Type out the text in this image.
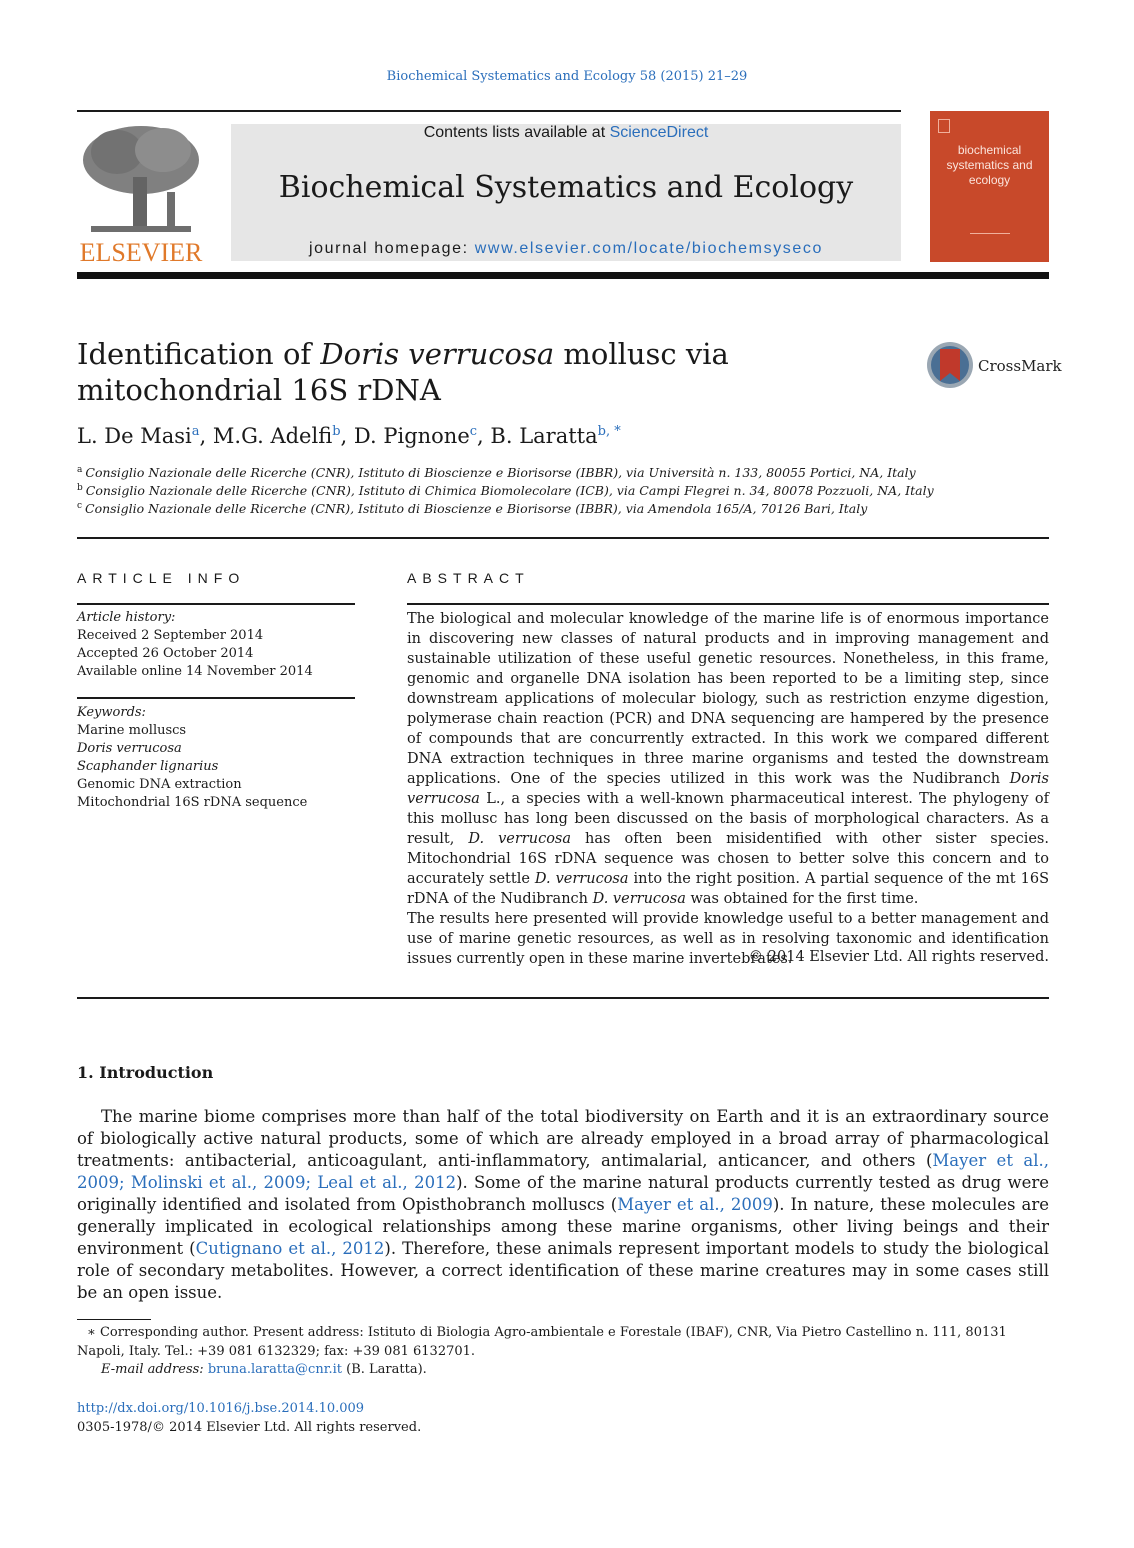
Biochemical Systematics and Ecology 58 (2015) 21–29
ELSEVIER
Contents lists available at ScienceDirect
Biochemical Systematics and Ecology
journal homepage: www.elsevier.com/locate/biochemsyseco
biochemical systematics and ecology
Identification of Doris verrucosa mollusc via mitochondrial 16S rDNA
CrossMark
L. De Masi$^a$, M.G. Adelfi$^b$, D. Pignone$^c$, B. Laratta$^{b, *}$
$^a$ Consiglio Nazionale delle Ricerche (CNR), Istituto di Bioscienze e Biorisorse (IBBR), via Università n. 133, 80055 Portici, NA, Italy
$^b$ Consiglio Nazionale delle Ricerche (CNR), Istituto di Chimica Biomolecolare (ICB), via Campi Flegrei n. 34, 80078 Pozzuoli, NA, Italy
$^c$ Consiglio Nazionale delle Ricerche (CNR), Istituto di Bioscienze e Biorisorse (IBBR), via Amendola 165/A, 70126 Bari, Italy
ARTICLE INFO
Article history:
Received 2 September 2014
Accepted 26 October 2014
Available online 14 November 2014
Keywords:
Marine molluscs
Doris verrucosa
Scaphander lignarius
Genomic DNA extraction
Mitochondrial 16S rDNA sequence
ABSTRACT

The biological and molecular knowledge of the marine life is of enormous importance in discovering new classes of natural products and in improving management and sustainable utilization of these useful genetic resources. Nonetheless, in this frame, genomic and organelle DNA isolation has been reported to be a limiting step, since downstream applications of molecular biology, such as restriction enzyme digestion, polymerase chain reaction (PCR) and DNA sequencing are hampered by the presence of compounds that are concurrently extracted. In this work we compared different DNA extraction techniques in three marine organisms and tested the downstream applications. One of the species utilized in this work was the Nudibranch Doris verrucosa L., a species with a well-known pharmaceutical interest. The phylogeny of this mollusc has long been discussed on the basis of morphological characters. As a result, D. verrucosa has often been misidentified with other sister species. Mitochondrial 16S rDNA sequence was chosen to better solve this concern and to accurately settle D. verrucosa into the right position. A partial sequence of the mt 16S rDNA of the Nudibranch D. verrucosa was obtained for the first time.

The results here presented will provide knowledge useful to a better management and use of marine genetic resources, as well as in resolving taxonomic and identification issues currently open in these marine invertebrates.

© 2014 Elsevier Ltd. All rights reserved.
1. Introduction

The marine biome comprises more than half of the total biodiversity on Earth and it is an extraordinary source of biologically active natural products, some of which are already employed in a broad array of pharmacological treatments: antibacterial, anticoagulant, anti-inflammatory, antimalarial, anticancer, and others (Mayer et al., 2009; Molinski et al., 2009; Leal et al., 2012). Some of the marine natural products currently tested as drug were originally identified and isolated from Opisthobranch molluscs (Mayer et al., 2009). In nature, these molecules are generally implicated in ecological relationships among these marine organisms, other living beings and their environment (Cutignano et al., 2012). Therefore, these animals represent important models to study the biological role of secondary metabolites. However, a correct identification of these marine creatures may in some cases still be an open issue.

∗ Corresponding author. Present address: Istituto di Biologia Agro-ambientale e Forestale (IBAF), CNR, Via Pietro Castellino n. 111, 80131 Napoli, Italy. Tel.: +39 081 6132329; fax: +39 081 6132701.
E-mail address: bruna.laratta@cnr.it (B. Laratta).
http://dx.doi.org/10.1016/j.bse.2014.10.009
0305-1978/© 2014 Elsevier Ltd. All rights reserved.
